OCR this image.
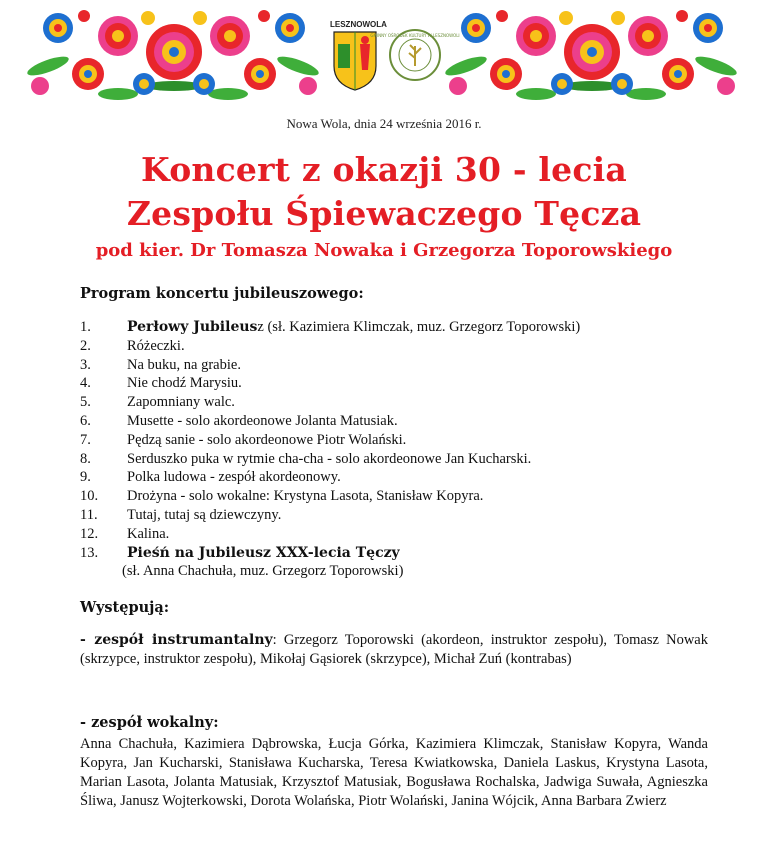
LESZNOWOLA
GMINNY OŚRODEK KULTURY W LESZNOWOLI
Nowa Wola, dnia 24 września 2016 r.
Koncert z okazji 30 - lecia
Zespołu Śpiewaczego Tęcza
pod kier. Dr Tomasza Nowaka i Grzegorza Toporowskiego
Program koncertu jubileuszowego:
1.	Perłowy Jubileusz (sł. Kazimiera Klimczak, muz. Grzegorz Toporowski)
2. Różeczki.
3. Na buku, na grabie.
4. Nie chodź Marysiu.
5. Zapomniany walc.
6. Musette - solo akordeonowe Jolanta Matusiak.
7. Pędzą sanie - solo akordeonowe Piotr Wolański.
8. Serduszko puka w rytmie cha-cha - solo akordeonowe Jan Kucharski.
9. Polka ludowa - zespół akordeonowy.
10. Drożyna - solo wokalne: Krystyna Lasota, Stanisław Kopyra.
11. Tutaj, tutaj są dziewczyny.
12. Kalina.
13. Pieśń na Jubileusz XXX-lecia Tęczy
(sł. Anna Chachuła, muz. Grzegorz Toporowski)
Występują:
- zespół instrumantalny: Grzegorz Toporowski (akordeon, instruktor zespołu), Tomasz Nowak (skrzypce, instruktor zespołu), Mikołaj Gąsiorek (skrzypce), Michał Zuń (kontrabas)
- zespół wokalny:
Anna Chachuła, Kazimiera Dąbrowska, Łucja Górka, Kazimiera Klimczak, Stanisław Kopyra, Wanda Kopyra, Jan Kucharski, Stanisława Kucharska, Teresa Kwiatkowska, Daniela Laskus, Krystyna Lasota, Marian Lasota, Jolanta Matusiak, Krzysztof Matusiak, Bogusława Rochalska, Jadwiga Suwała, Agnieszka Śliwa, Janusz Wojterkowski, Dorota Wolańska, Piotr Wolański, Janina Wójcik, Anna Barbara Zwierz
